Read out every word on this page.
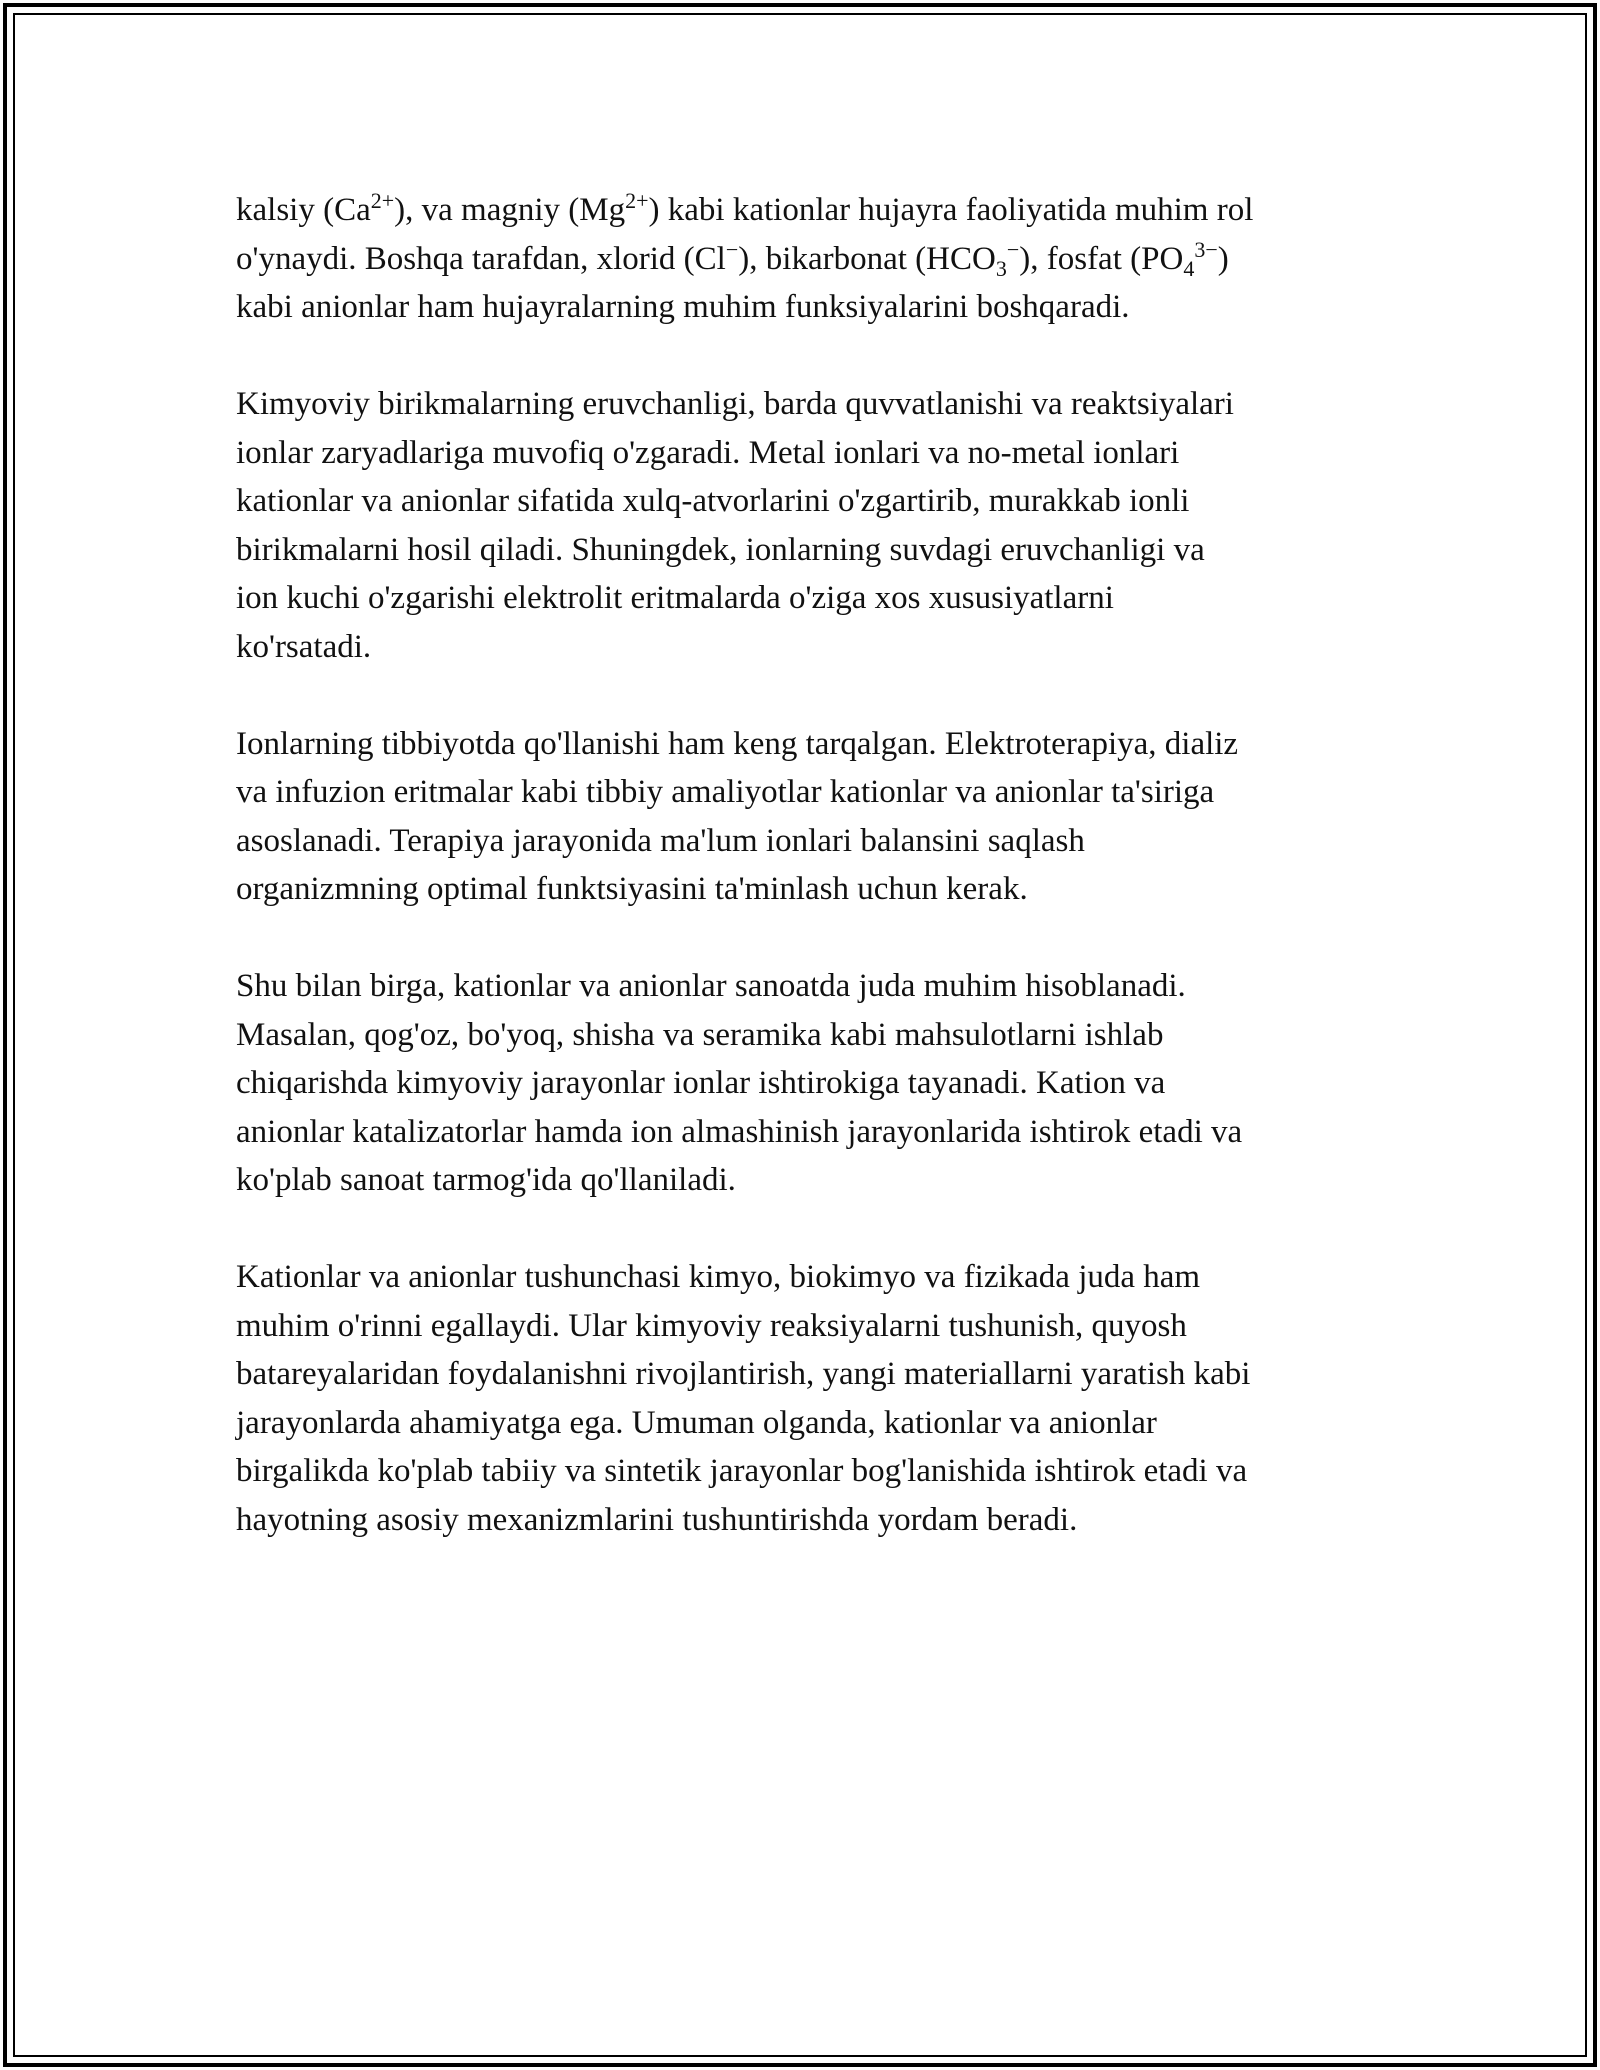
kalsiy $(Ca^{2+})$, va magniy $(Mg^{2+})$ kabi kationlar hujayra faoliyatida muhim rol
o'ynaydi. Boshqa tarafdan, xlorid (Cl−), bikarbonat $(HCO_3^-)$, fosfat $(PO_4^{3-})$
kabi anionlar ham hujayralarning muhim funksiyalarini boshqaradi.

Kimyoviy birikmalarning eruvchanligi, barda quvvatlanishi va reaktsiyalari
ionlar zaryadlariga muvofiq o'zgaradi. Metal ionlari va no-metal ionlari
kationlar va anionlar sifatida xulq-atvorlarini o'zgartirib, murakkab ionli
birikmalarni hosil qiladi. Shuningdek, ionlarning suvdagi eruvchanligi va
ion kuchi o'zgarishi elektrolit eritmalarda o'ziga xos xususiyatlarni
ko'rsatadi.

Ionlarning tibbiyotda qo'llanishi ham keng tarqalgan. Elektroterapiya, dializ
va infuzion eritmalar kabi tibbiy amaliyotlar kationlar va anionlar ta'siriga
asoslanadi. Terapiya jarayonida ma'lum ionlari balansini saqlash
organizmning optimal funktsiyasini ta'minlash uchun kerak.

Shu bilan birga, kationlar va anionlar sanoatda juda muhim hisoblanadi.
Masalan, qog'oz, bo'yoq, shisha va seramika kabi mahsulotlarni ishlab
chiqarishda kimyoviy jarayonlar ionlar ishtirokiga tayanadi. Kation va
anionlar katalizatorlar hamda ion almashinish jarayonlarida ishtirok etadi va
ko'plab sanoat tarmog'ida qo'llaniladi.

Kationlar va anionlar tushunchasi kimyo, biokimyo va fizikada juda ham
muhim o'rinni egallaydi. Ular kimyoviy reaksiyalarni tushunish, quyosh
batareyalaridan foydalanishni rivojlantirish, yangi materiallarni yaratish kabi
jarayonlarda ahamiyatga ega. Umuman olganda, kationlar va anionlar
birgalikda ko'plab tabiiy va sintetik jarayonlar bog'lanishida ishtirok etadi va
hayotning asosiy mexanizmlarini tushuntirishda yordam beradi.
